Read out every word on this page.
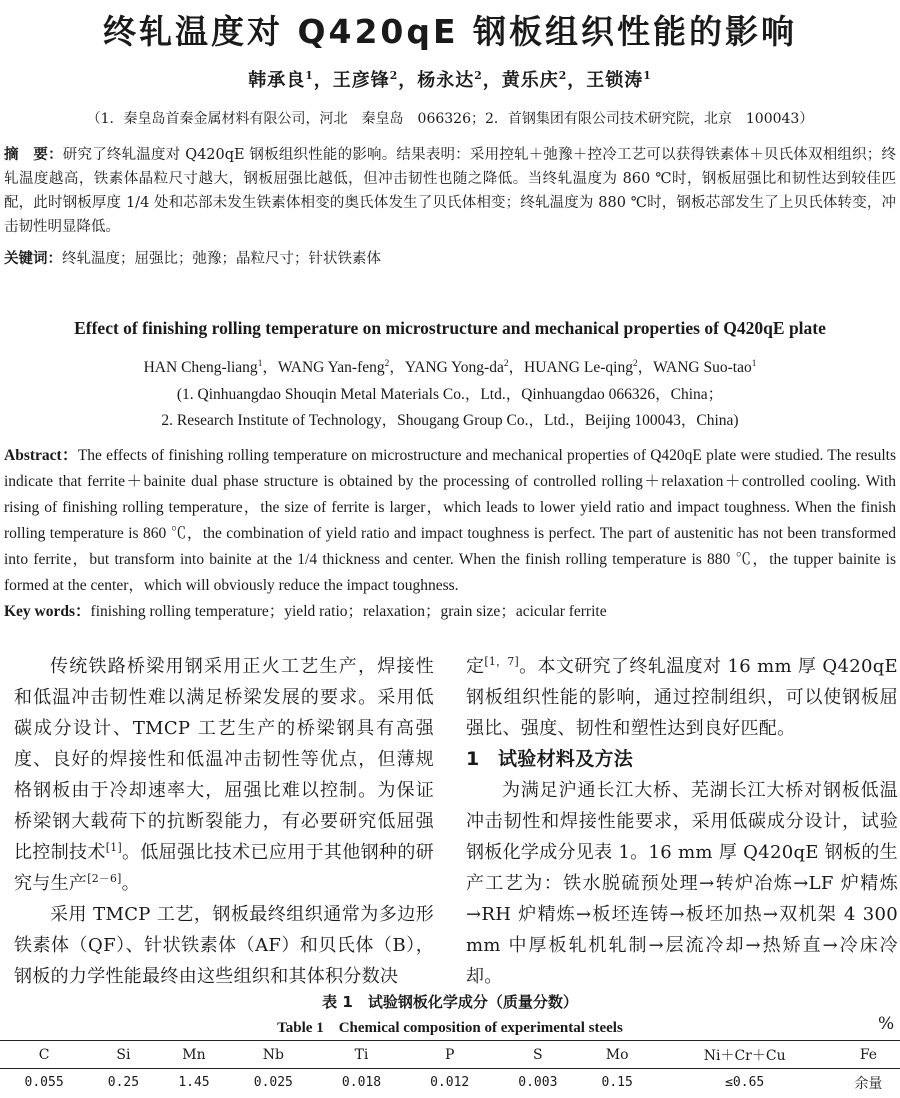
终轧温度对 Q420qE 钢板组织性能的影响
韩承良$^1$，王彦锋$^2$，杨永达$^2$，黄乐庆$^2$，王锁涛$^1$
（1．秦皇岛首秦金属材料有限公司，河北　秦皇岛　066326；2．首钢集团有限公司技术研究院，北京　100043）
摘　要：研究了终轧温度对 Q420qE 钢板组织性能的影响。结果表明：采用控轧＋弛豫＋控冷工艺可以获得铁素体＋贝氏体双相组织；终轧温度越高，铁素体晶粒尺寸越大，钢板屈强比越低，但冲击韧性也随之降低。当终轧温度为 860 ℃时，钢板屈强比和韧性达到较佳匹配，此时钢板厚度 1/4 处和芯部未发生铁素体相变的奥氏体发生了贝氏体相变；终轧温度为 880 ℃时，钢板芯部发生了上贝氏体转变，冲击韧性明显降低。
关键词：终轧温度；屈强比；弛豫；晶粒尺寸；针状铁素体
Effect of finishing rolling temperature on microstructure and mechanical properties of Q420qE plate
HAN Cheng-liang$^1$，WANG Yan-feng$^2$，YANG Yong-$da^2$，HUANG Le-qing$^2$，WANG Suo-tao$^1$
(1. Qinhuangdao Shouqin Metal Materials Co.，Ltd.，Qinhuangdao 066326，China；
2. Research Institute of Technology，Shougang Group Co.，Ltd.，Beijing 100043，China)
Abstract：The effects of finishing rolling temperature on microstructure and mechanical properties of Q420qE plate were studied. The results indicate that ferrite＋bainite dual phase structure is obtained by the processing of controlled rolling＋relaxation＋controlled cooling. With rising of finishing rolling temperature，the size of ferrite is larger，which leads to lower yield ratio and impact toughness. When the finish rolling temperature is 860 ℃，the combination of yield ratio and impact toughness is perfect. The part of austenitic has not been transformed into ferrite，but transform into bainite at the 1/4 thickness and center. When the finish rolling temperature is 880 ℃，the tupper bainite is formed at the center，which will obviously reduce the impact toughness.
Key words：finishing rolling temperature；yield ratio；relaxation；grain size；acicular ferrite

传统铁路桥梁用钢采用正火工艺生产，焊接性和低温冲击韧性难以满足桥梁发展的要求。采用低碳成分设计、TMCP 工艺生产的桥梁钢具有高强度、良好的焊接性和低温冲击韧性等优点，但薄规格钢板由于冷却速率大，屈强比难以控制。为保证桥梁钢大载荷下的抗断裂能力，有必要研究低屈强比控制技术[1]。低屈强比技术已应用于其他钢种的研究与生产[2－6]。

采用 TMCP 工艺，钢板最终组织通常为多边形铁素体（QF）、针状铁素体（AF）和贝氏体（B），钢板的力学性能最终由这些组织和其体积分数决

定[1，7]。本文研究了终轧温度对 16 mm 厚 Q420qE 钢板组织性能的影响，通过控制组织，可以使钢板屈强比、强度、韧性和塑性达到良好匹配。

1 试验材料及方法

为满足沪通长江大桥、芜湖长江大桥对钢板低温冲击韧性和焊接性能要求，采用低碳成分设计，试验钢板化学成分见表 1。16 mm 厚 Q420qE 钢板的生产工艺为：铁水脱硫预处理→转炉冶炼→LF 炉精炼→RH 炉精炼→板坯连铸→板坯加热→双机架 4 300 mm 中厚板轧机轧制→层流冷却→热矫直→冷床冷却。

表 1　试验钢板化学成分（质量分数）
Table 1　Chemical composition of experimental steels	%
C	Si	Mn	Nb	Ti	P	S	Mo	Ni＋Cr＋Cu	Fe
0.055	0.25	1.45	0.025	0.018	0.012	0.003	0.15	≤0.65	余量
